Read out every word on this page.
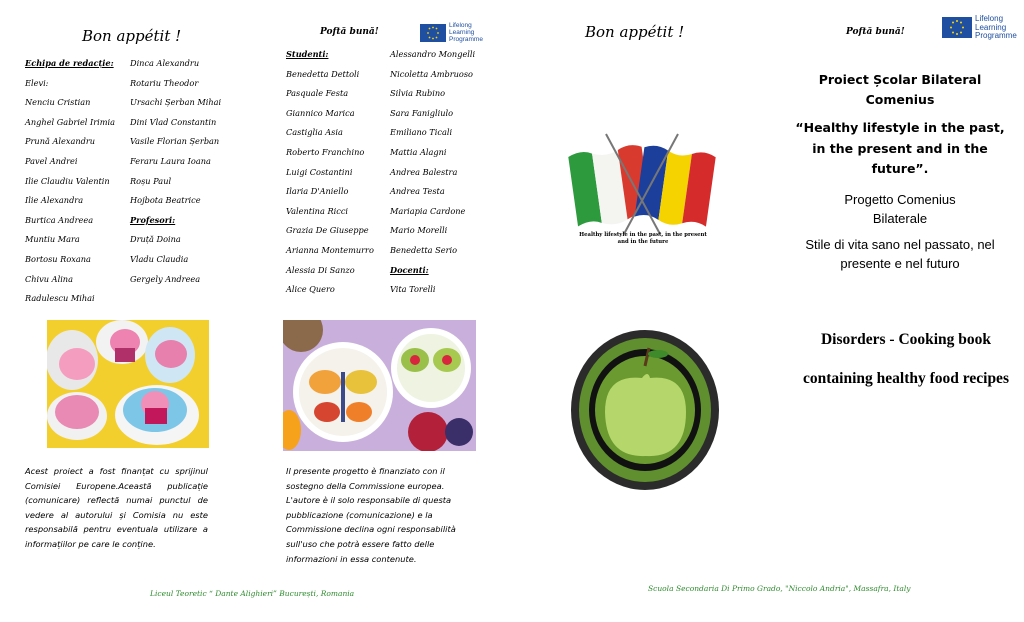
Bon appétit !
Echipa de redacție:
Elevi:
Nenciu Cristian
Anghel Gabriel Irimia
Prună Alexandru
Pavel Andrei
Ilie Claudiu Valentin
Ilie Alexandra
Burtica Andreea
Muntiu Mara
Bortosu Roxana
Chivu Alina
Radulescu Mihai
Dinca Alexandru
Rotariu Theodor
Ursachi Șerban Mihai
Dini Vlad Constantin
Vasile Florian Șerban
Feraru Laura Ioana
Roșu Paul
Hojbota Beatrice
Profesori:
Druță Doina
Vladu Claudia
Gergely Andreea
Acest proiect a fost finanțat cu sprijinul Comisiei Europene.Această publicație (comunicare) reflectă numai punctul de vedere al autorului și Comisia nu este responsabilă pentru eventuala utilizare a informațiilor pe care le conține.
Liceul Teoretic “ Dante Alighieri” București, Romania
Poftă bună!
Lifelong
Learning
Programme
Studenti:
Benedetta Dettoli
Pasquale Festa
Giannico Marica
Castiglia Asia
Roberto Franchino
Luigi Costantini
Ilaria D'Aniello
Valentina Ricci
Grazia De Giuseppe
Arianna Montemurro
Alessia Di Sanzo
Alice Quero
Alessandro Mongelli
Nicoletta Ambruoso
Silvia Rubino
Sara Fanigliulo
Emiliano Ticali
Mattia Alagni
Andrea Balestra
Andrea Testa
Mariapia Cardone
Mario Morelli
Benedetta Serio
Docenti:
Vita Torelli
Il presente progetto è finanziato con il sostegno della Commissione europea. L'autore è il solo responsabile di questa pubblicazione (comunicazione) e la Commissione declina ogni responsabilità sull'uso che potrà essere fatto delle informazioni in essa contenute.
Bon appétit !
Healthy lifestyle in the past, in the present and in the future
Scuola Secondaria Di Primo Grado, "Niccolo Andria", Massafra, Italy
Poftă bună!
Lifelong
Learning
Programme
Proiect Școlar Bilateral Comenius
“Healthy lifestyle in the past, in the present and in the future”.
Progetto Comenius Bilaterale
Stile di vita sano nel passato, nel presente e nel futuro
Disorders - Cooking book
containing healthy food recipes
